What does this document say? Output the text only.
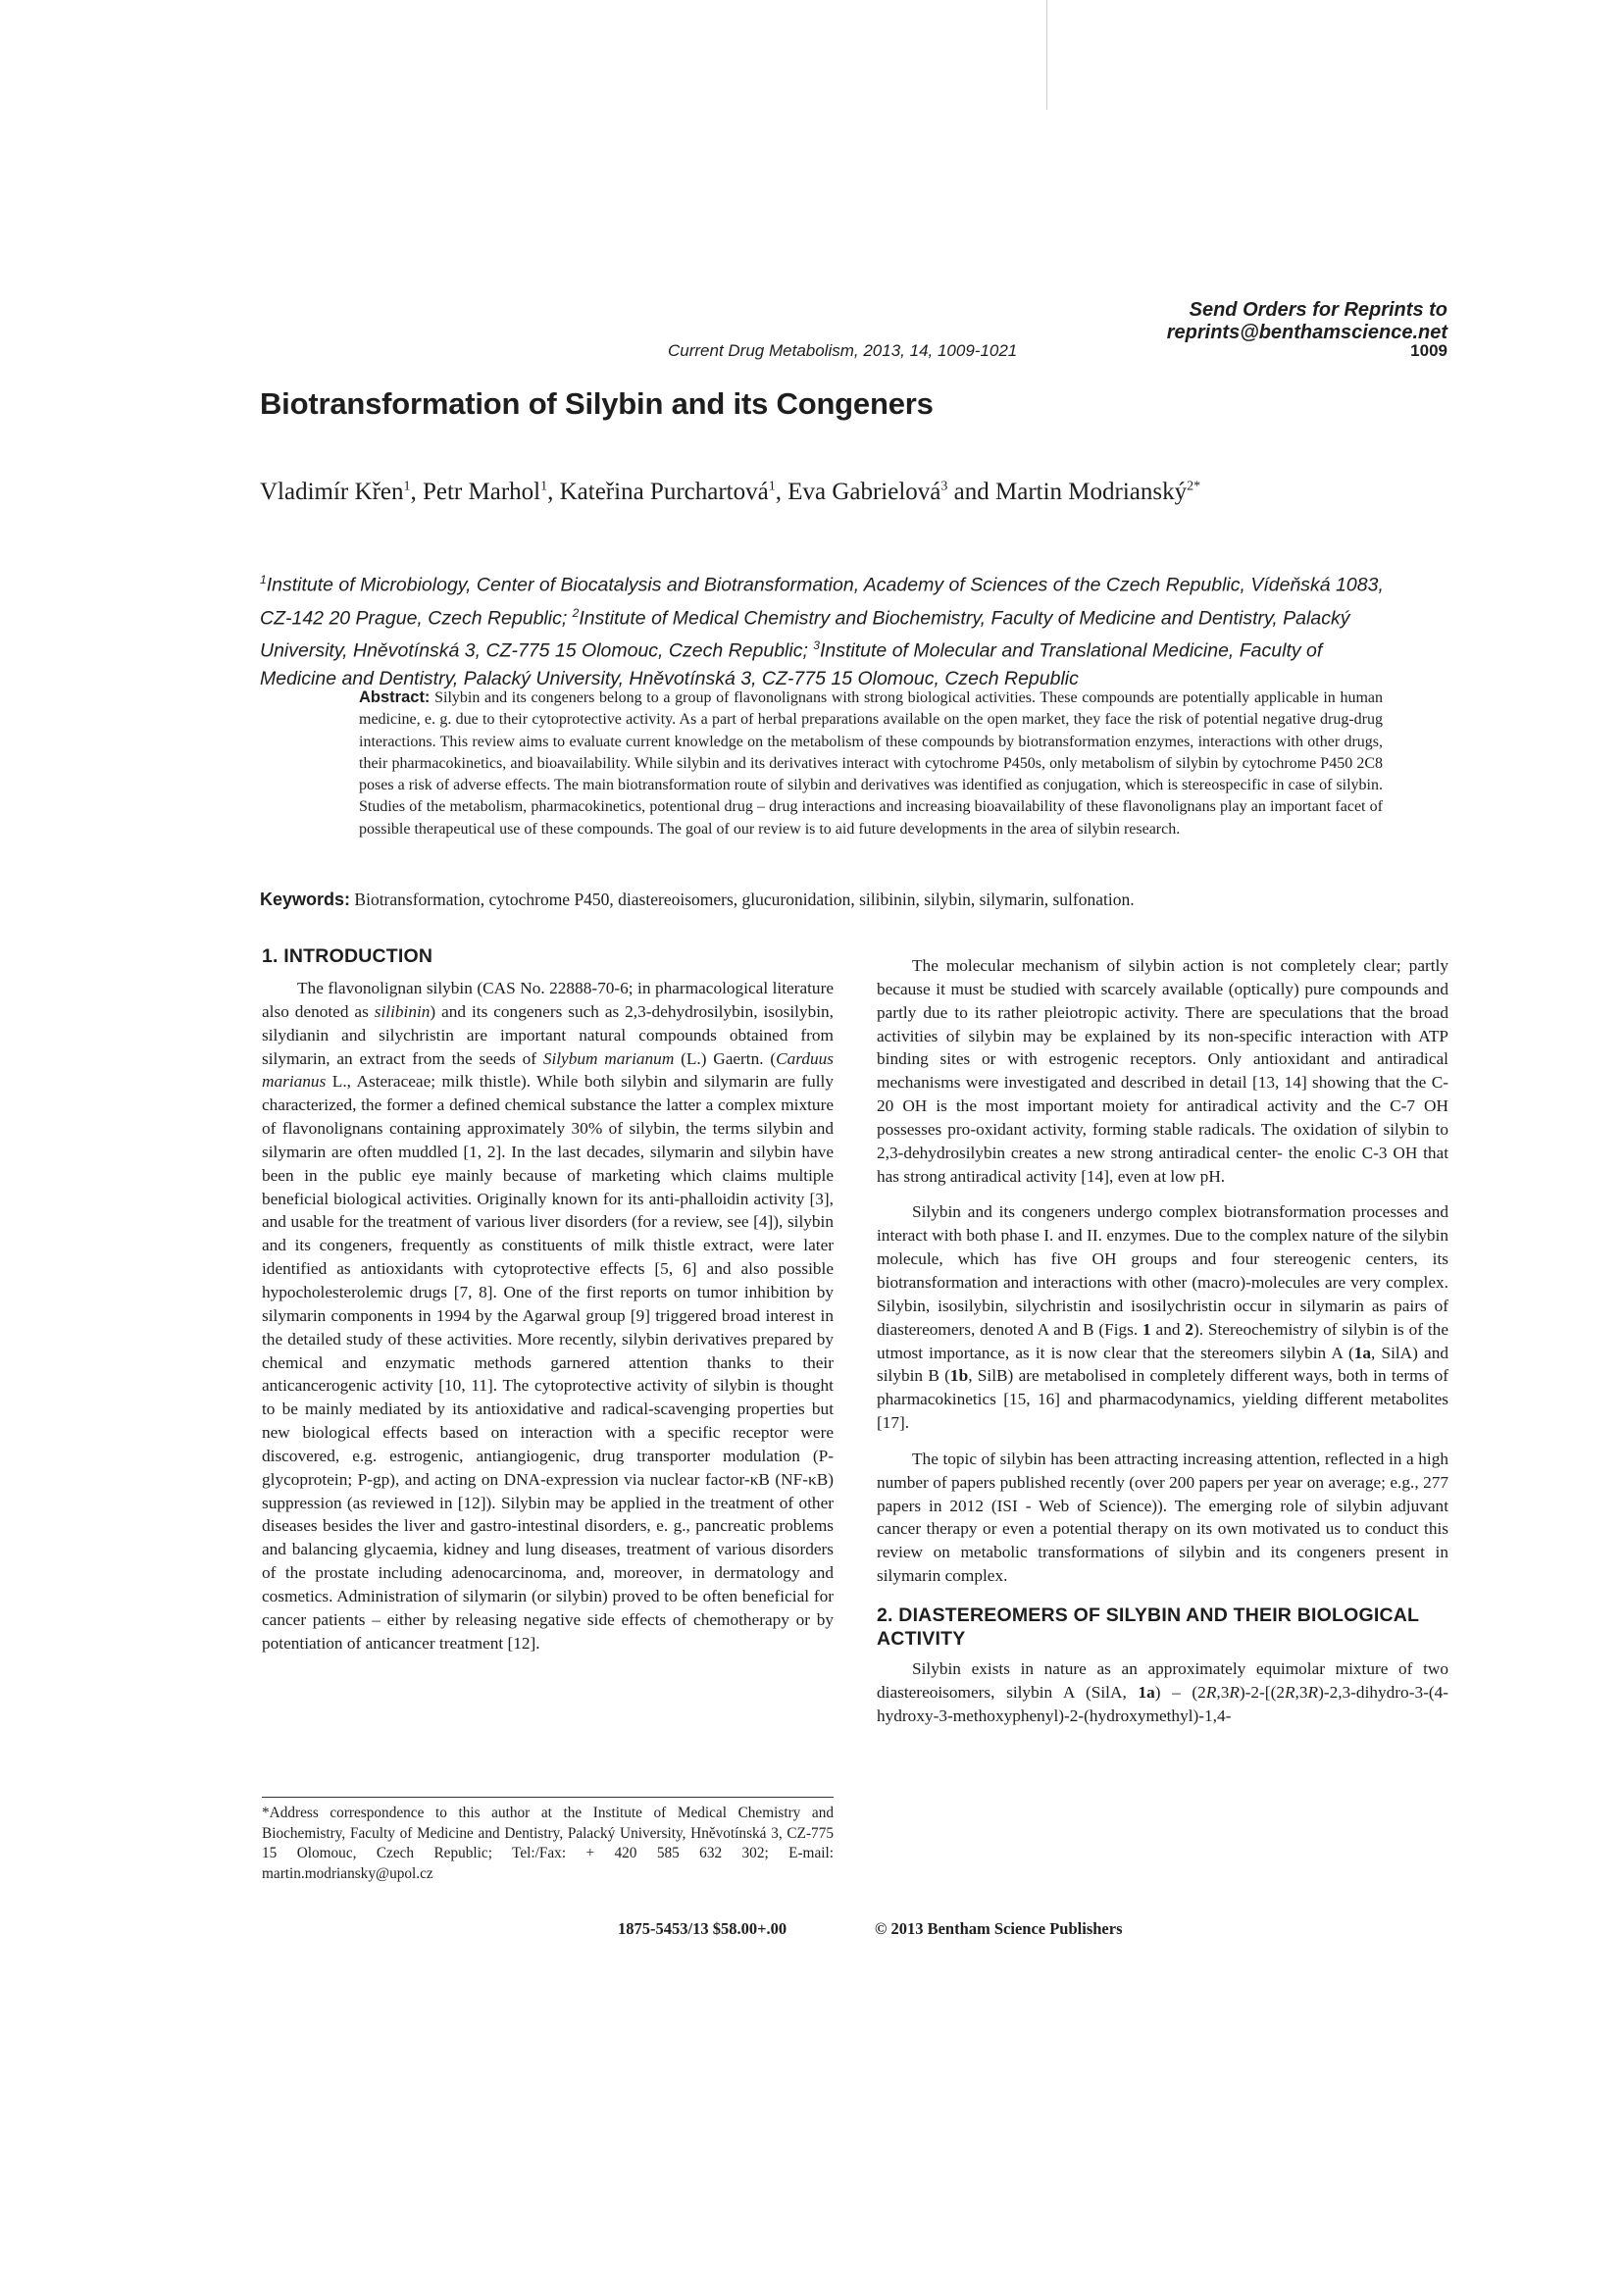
Send Orders for Reprints to reprints@benthamscience.net
Current Drug Metabolism, 2013, 14, 1009-1021	1009
Biotransformation of Silybin and its Congeners
Vladimír Křen$^1$, Petr Marhol$^1$, Kateřina Purchartová$^1$, Eva Gabrielová$^3$ and Martin Modrianský$^{2*}$
$^1$Institute of Microbiology, Center of Biocatalysis and Biotransformation, Academy of Sciences of the Czech Republic, Vídeňská 1083, CZ-142 20 Prague, Czech Republic; $^2$Institute of Medical Chemistry and Biochemistry, Faculty of Medicine and Dentistry, Palacký University, Hněvotínská 3, CZ-775 15 Olomouc, Czech Republic; $^3$Institute of Molecular and Translational Medicine, Faculty of Medicine and Dentistry, Palacký University, Hněvotínská 3, CZ-775 15 Olomouc, Czech Republic
Abstract: Silybin and its congeners belong to a group of flavonolignans with strong biological activities. These compounds are potentially applicable in human medicine, e. g. due to their cytoprotective activity. As a part of herbal preparations available on the open market, they face the risk of potential negative drug-drug interactions. This review aims to evaluate current knowledge on the metabolism of these compounds by biotransformation enzymes, interactions with other drugs, their pharmacokinetics, and bioavailability. While silybin and its derivatives interact with cytochrome P450s, only metabolism of silybin by cytochrome P450 2C8 poses a risk of adverse effects. The main biotransformation route of silybin and derivatives was identified as conjugation, which is stereospecific in case of silybin. Studies of the metabolism, pharmacokinetics, potentional drug – drug interactions and increasing bioavailability of these flavonolignans play an important facet of possible therapeutical use of these compounds. The goal of our review is to aid future developments in the area of silybin research.
Keywords: Biotransformation, cytochrome P450, diastereoisomers, glucuronidation, silibinin, silybin, silymarin, sulfonation.
1. INTRODUCTION

The flavonolignan silybin (CAS No. 22888-70-6; in pharmacological literature also denoted as silibinin) and its congeners such as 2,3-dehydrosilybin, isosilybin, silydianin and silychristin are important natural compounds obtained from silymarin, an extract from the seeds of Silybum marianum (L.) Gaertn. (Carduus marianus L., Asteraceae; milk thistle). While both silybin and silymarin are fully characterized, the former a defined chemical substance the latter a complex mixture of flavonolignans containing approximately 30% of silybin, the terms silybin and silymarin are often muddled [1, 2]. In the last decades, silymarin and silybin have been in the public eye mainly because of marketing which claims multiple beneficial biological activities. Originally known for its anti-phalloidin activity [3], and usable for the treatment of various liver disorders (for a review, see [4]), silybin and its congeners, frequently as constituents of milk thistle extract, were later identified as antioxidants with cytoprotective effects [5, 6] and also possible hypocholesterolemic drugs [7, 8]. One of the first reports on tumor inhibition by silymarin components in 1994 by the Agarwal group [9] triggered broad interest in the detailed study of these activities. More recently, silybin derivatives prepared by chemical and enzymatic methods garnered attention thanks to their anticancerogenic activity [10, 11]. The cytoprotective activity of silybin is thought to be mainly mediated by its antioxidative and radical-scavenging properties but new biological effects based on interaction with a specific receptor were discovered, e.g. estrogenic, antiangiogenic, drug transporter modulation (P-glycoprotein; P-gp), and acting on DNA-expression via nuclear factor-κB (NF-κB) suppression (as reviewed in [12]). Silybin may be applied in the treatment of other diseases besides the liver and gastro-intestinal disorders, e. g., pancreatic problems and balancing glycaemia, kidney and lung diseases, treatment of various disorders of the prostate including adenocarcinoma, and, moreover, in dermatology and cosmetics. Administration of silymarin (or silybin) proved to be often beneficial for cancer patients – either by releasing negative side effects of chemotherapy or by potentiation of anticancer treatment [12].

The molecular mechanism of silybin action is not completely clear; partly because it must be studied with scarcely available (optically) pure compounds and partly due to its rather pleiotropic activity. There are speculations that the broad activities of silybin may be explained by its non-specific interaction with ATP binding sites or with estrogenic receptors. Only antioxidant and antiradical mechanisms were investigated and described in detail [13, 14] showing that the C-20 OH is the most important moiety for antiradical activity and the C-7 OH possesses pro-oxidant activity, forming stable radicals. The oxidation of silybin to 2,3-dehydrosilybin creates a new strong antiradical center- the enolic C-3 OH that has strong antiradical activity [14], even at low pH.

Silybin and its congeners undergo complex biotransformation processes and interact with both phase I. and II. enzymes. Due to the complex nature of the silybin molecule, which has five OH groups and four stereogenic centers, its biotransformation and interactions with other (macro)-molecules are very complex. Silybin, isosilybin, silychristin and isosilychristin occur in silymarin as pairs of diastereomers, denoted A and B (Figs. 1 and 2). Stereochemistry of silybin is of the utmost importance, as it is now clear that the stereomers silybin A (1a, SilA) and silybin B (1b, SilB) are metabolised in completely different ways, both in terms of pharmacokinetics [15, 16] and pharmacodynamics, yielding different metabolites [17].

The topic of silybin has been attracting increasing attention, reflected in a high number of papers published recently (over 200 papers per year on average; e.g., 277 papers in 2012 (ISI - Web of Science)). The emerging role of silybin adjuvant cancer therapy or even a potential therapy on its own motivated us to conduct this review on metabolic transformations of silybin and its congeners present in silymarin complex.

2. DIASTEREOMERS OF SILYBIN AND THEIR BIOLOGICAL ACTIVITY

Silybin exists in nature as an approximately equimolar mixture of two diastereoisomers, silybin A (SilA, 1a) – (2R,3R)-2-[(2R,3R)-2,3-dihydro-3-(4-hydroxy-3-methoxyphenyl)-2-(hydroxymethyl)-1,4-

*Address correspondence to this author at the Institute of Medical Chemistry and Biochemistry, Faculty of Medicine and Dentistry, Palacký University, Hněvotínská 3, CZ-775 15 Olomouc, Czech Republic; Tel:/Fax: + 420 585 632 302; E-mail: martin.modriansky@upol.cz
1875-5453/13 $58.00+.00	© 2013 Bentham Science Publishers
